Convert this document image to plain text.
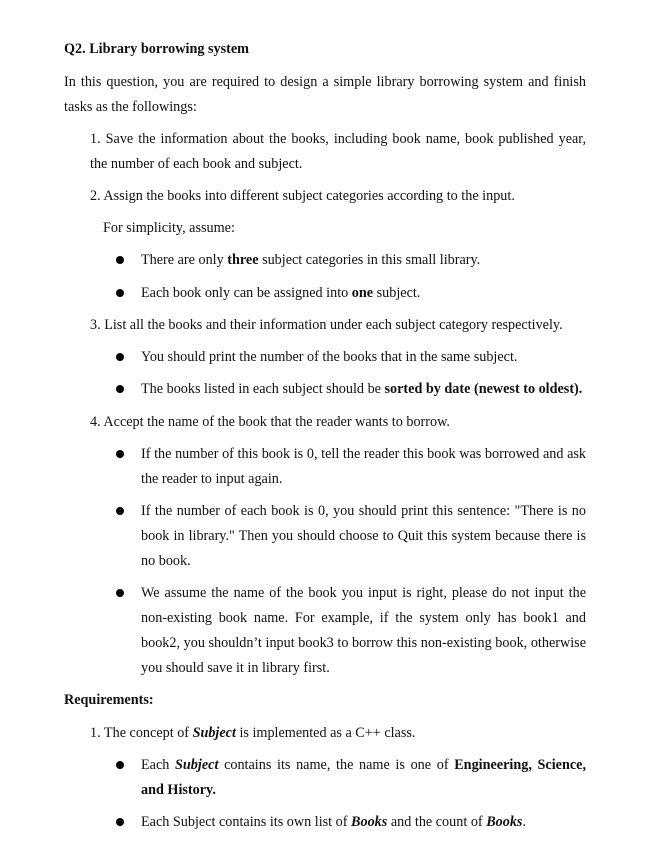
Q2. Library borrowing system
In this question, you are required to design a simple library borrowing system and finish
tasks as the followings:
1. Save the information about the books, including book name, book published year,
the number of each book and subject.
2. Assign the books into different subject categories according to the input.
For simplicity, assume:
There are only three subject categories in this small library.
Each book only can be assigned into one subject.
3. List all the books and their information under each subject category respectively.
You should print the number of the books that in the same subject.
The books listed in each subject should be sorted by date (newest to oldest).
4. Accept the name of the book that the reader wants to borrow.
If the number of this book is 0, tell the reader this book was borrowed and ask
the reader to input again.
If the number of each book is 0, you should print this sentence: "There is no
book in library." Then you should choose to Quit this system because there is
no book.
We assume the name of the book you input is right, please do not input the
non-existing book name. For example, if the system only has book1 and
book2, you shouldn’t input book3 to borrow this non-existing book, otherwise
you should save it in library first.
Requirements:
1. The concept of Subject is implemented as a C++ class.
Each Subject contains its name, the name is one of Engineering, Science,
and History.
Each Subject contains its own list of Books and the count of Books.
